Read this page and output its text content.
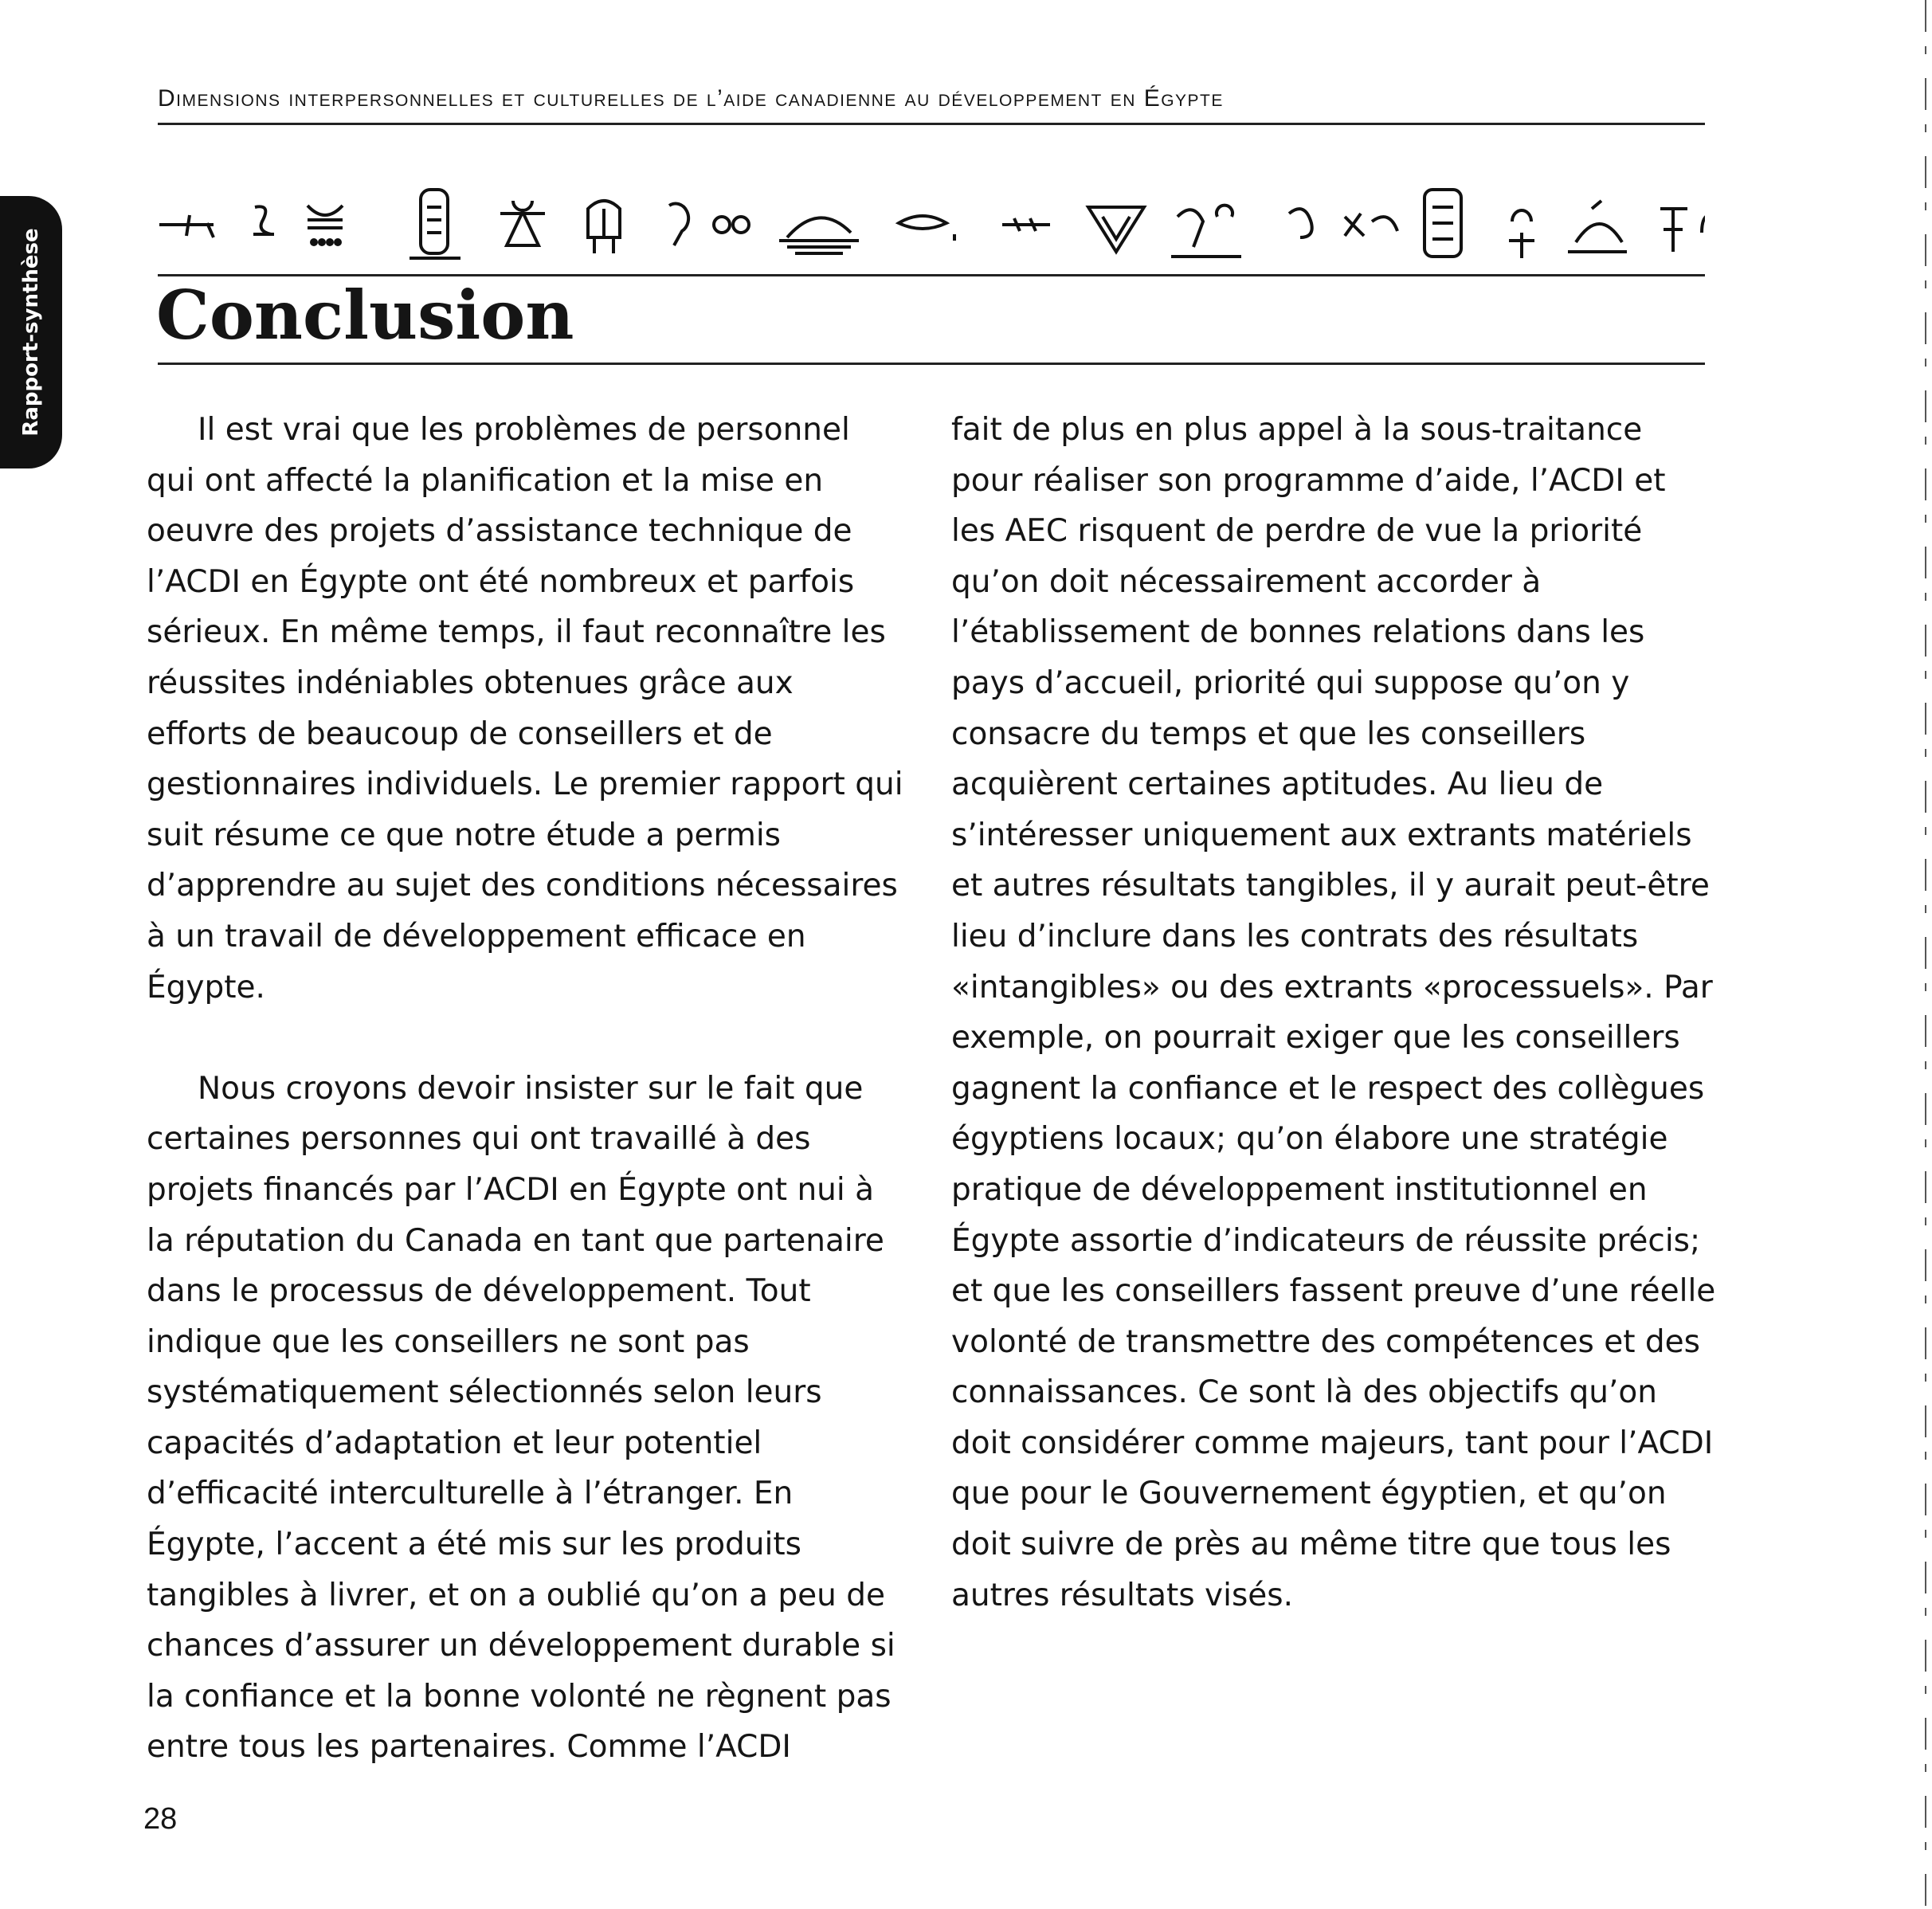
Dimensions interpersonnelles et culturelles de l’aide canadienne au développement en Égypte
Rapport-synthèse Conclusion

Il est vrai que les problèmes de personnel qui ont affecté la planification et la mise en oeuvre des projets d’assistance technique de l’ACDI en Égypte ont été nombreux et parfois sérieux. En même temps, il faut reconnaître les réussites indéniables obtenues grâce aux efforts de beaucoup de conseillers et de gestionnaires individuels. Le premier rapport qui suit résume ce que notre étude a permis d’apprendre au sujet des conditions nécessaires à un travail de développement efficace en Égypte.

Nous croyons devoir insister sur le fait que certaines personnes qui ont travaillé à des projets financés par l’ACDI en Égypte ont nui à la réputation du Canada en tant que partenaire dans le processus de développement. Tout indique que les conseillers ne sont pas systématiquement sélectionnés selon leurs capacités d’adaptation et leur potentiel d’efficacité interculturelle à l’étranger. En Égypte, l’accent a été mis sur les produits tangibles à livrer, et on a oublié qu’on a peu de chances d’assurer un développement durable si la confiance et la bonne volonté ne règnent pas entre tous les partenaires. Comme l’ACDI

fait de plus en plus appel à la sous-traitance pour réaliser son programme d’aide, l’ACDI et les AEC risquent de perdre de vue la priorité qu’on doit nécessairement accorder à l’établissement de bonnes relations dans les pays d’accueil, priorité qui suppose qu’on y consacre du temps et que les conseillers acquièrent certaines aptitudes. Au lieu de s’intéresser uniquement aux extrants matériels et autres résultats tangibles, il y aurait peut-être lieu d’inclure dans les contrats des résultats «intangibles» ou des extrants «processuels». Par exemple, on pourrait exiger que les conseillers gagnent la confiance et le respect des collègues égyptiens locaux; qu’on élabore une stratégie pratique de développement institutionnel en Égypte assortie d’indicateurs de réussite précis; et que les conseillers fassent preuve d’une réelle volonté de transmettre des compétences et des connaissances. Ce sont là des objectifs qu’on doit considérer comme majeurs, tant pour l’ACDI que pour le Gouvernement égyptien, et qu’on doit suivre de près au même titre que tous les autres résultats visés.

28
